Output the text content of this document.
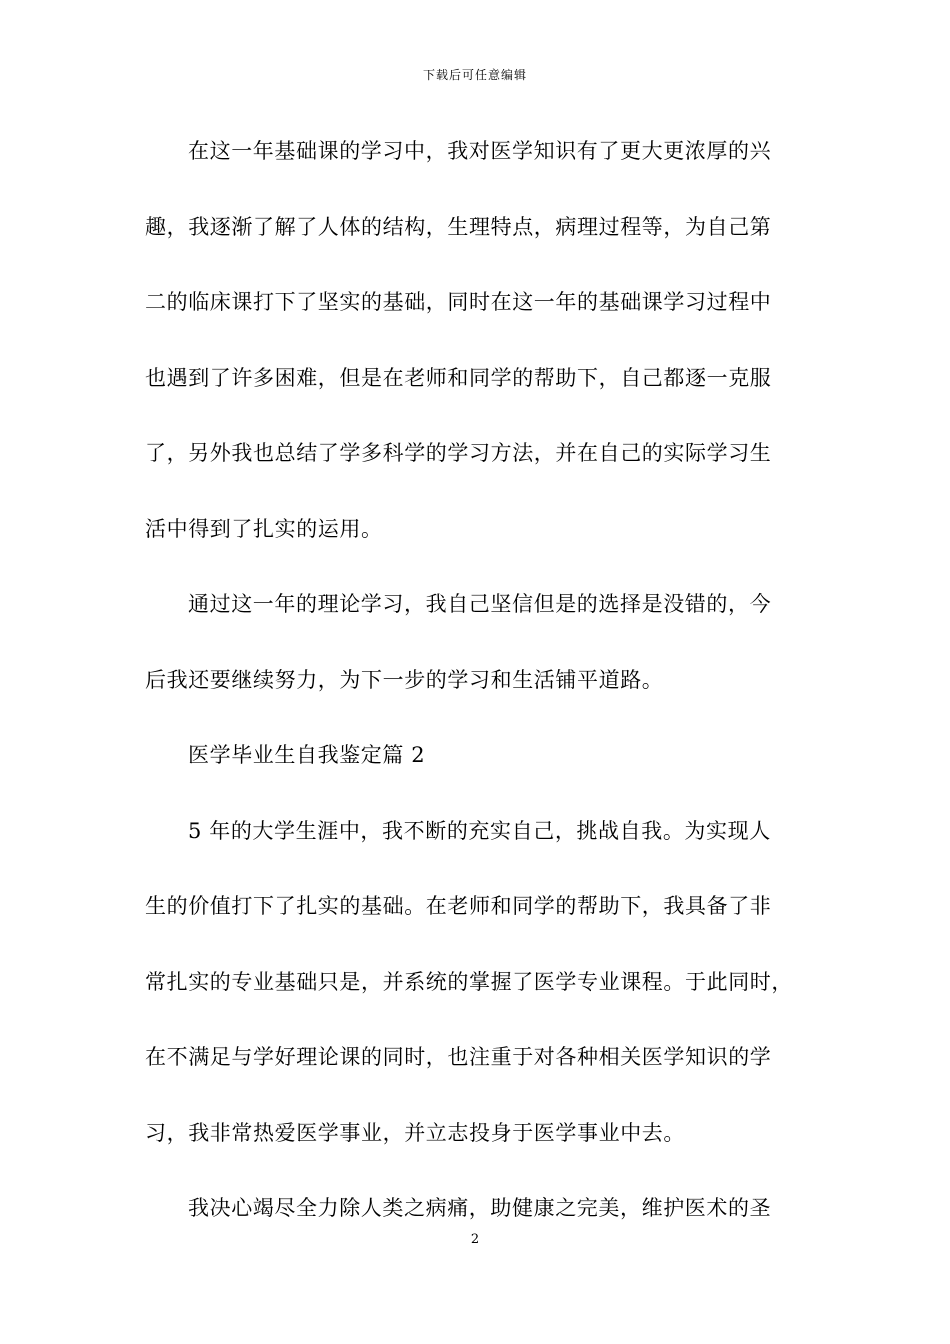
下载后可任意编辑
在这一年基础课的学习中，我对医学知识有了更大更浓厚的兴
趣，我逐渐了解了人体的结构，生理特点，病理过程等，为自己第
二的临床课打下了坚实的基础，同时在这一年的基础课学习过程中
也遇到了许多困难，但是在老师和同学的帮助下，自己都逐一克服
了，另外我也总结了学多科学的学习方法，并在自己的实际学习生
活中得到了扎实的运用。
通过这一年的理论学习，我自己坚信但是的选择是没错的，今
后我还要继续努力，为下一步的学习和生活铺平道路。
医学毕业生自我鉴定篇 2
5 年的大学生涯中，我不断的充实自己，挑战自我。为实现人
生的价值打下了扎实的基础。在老师和同学的帮助下，我具备了非
常扎实的专业基础只是，并系统的掌握了医学专业课程。于此同时，
在不满足与学好理论课的同时，也注重于对各种相关医学知识的学
习，我非常热爱医学事业，并立志投身于医学事业中去。
我决心竭尽全力除人类之病痛，助健康之完美，维护医术的圣
2
